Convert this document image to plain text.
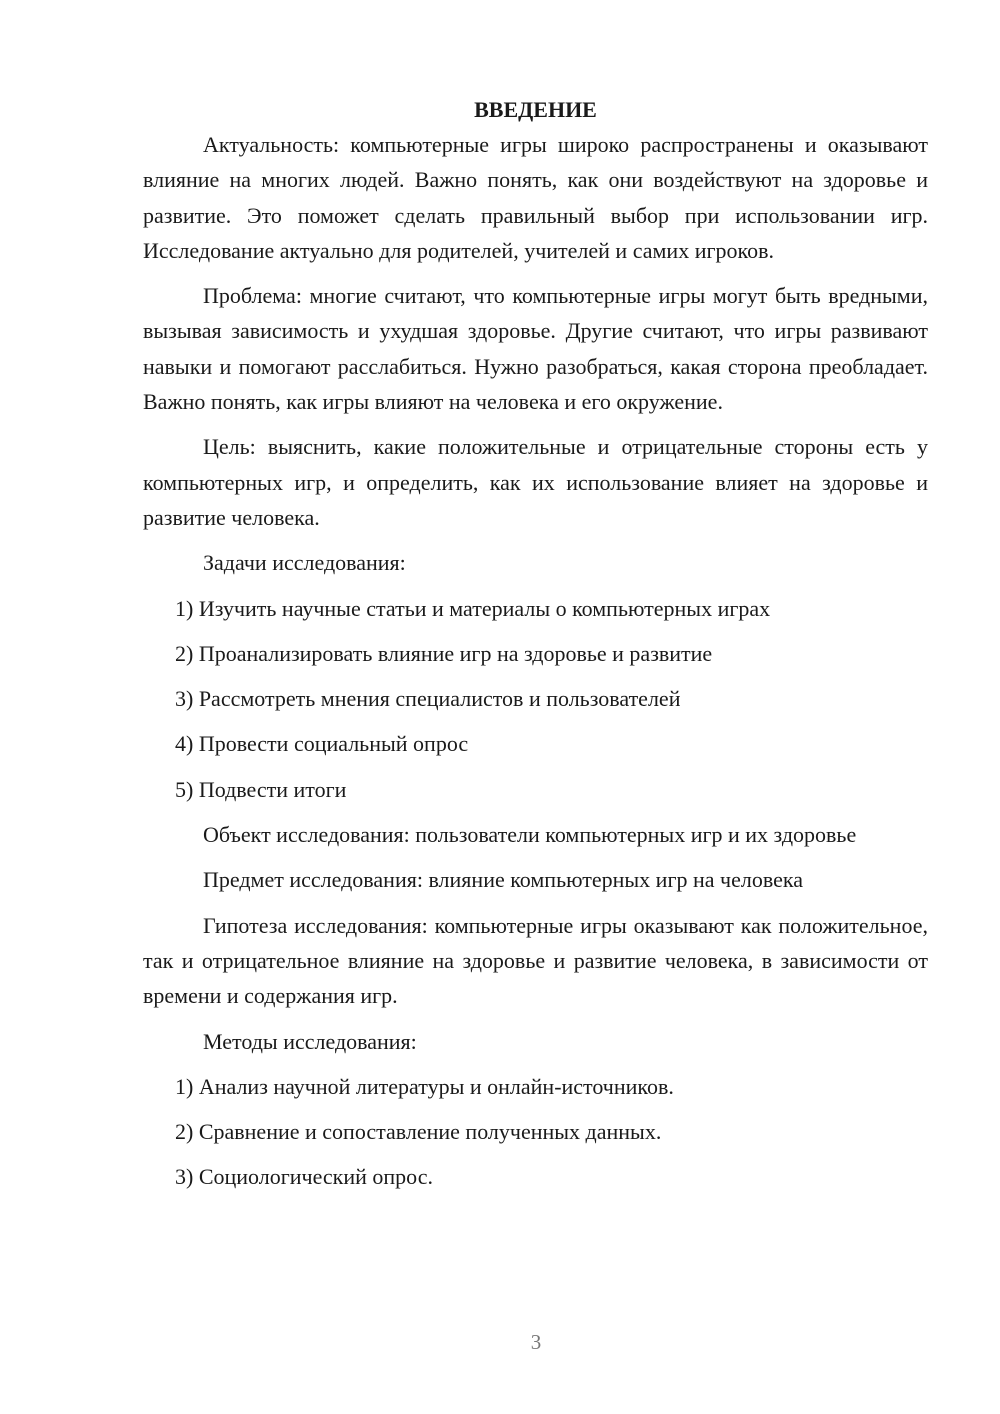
ВВЕДЕНИЕ

Актуальность: компьютерные игры широко распространены и оказывают влияние на многих людей. Важно понять, как они воздействуют на здоровье и развитие. Это поможет сделать правильный выбор при использовании игр. Исследование актуально для родителей, учителей и самих игроков.

Проблема: многие считают, что компьютерные игры могут быть вредными, вызывая зависимость и ухудшая здоровье. Другие считают, что игры развивают навыки и помогают расслабиться. Нужно разобраться, какая сторона преобладает. Важно понять, как игры влияют на человека и его окружение.

Цель: выяснить, какие положительные и отрицательные стороны есть у компьютерных игр, и определить, как их использование влияет на здоровье и развитие человека.

Задачи исследования:

1) Изучить научные статьи и материалы о компьютерных играх
2) Проанализировать влияние игр на здоровье и развитие
3) Рассмотреть мнения специалистов и пользователей
4) Провести социальный опрос
5) Подвести итоги

Объект исследования: пользователи компьютерных игр и их здоровье

Предмет исследования: влияние компьютерных игр на человека

Гипотеза исследования: компьютерные игры оказывают как положительное, так и отрицательное влияние на здоровье и развитие человека, в зависимости от времени и содержания игр.

Методы исследования:

1) Анализ научной литературы и онлайн-источников.
2) Сравнение и сопоставление полученных данных.
3) Социологический опрос.
3
